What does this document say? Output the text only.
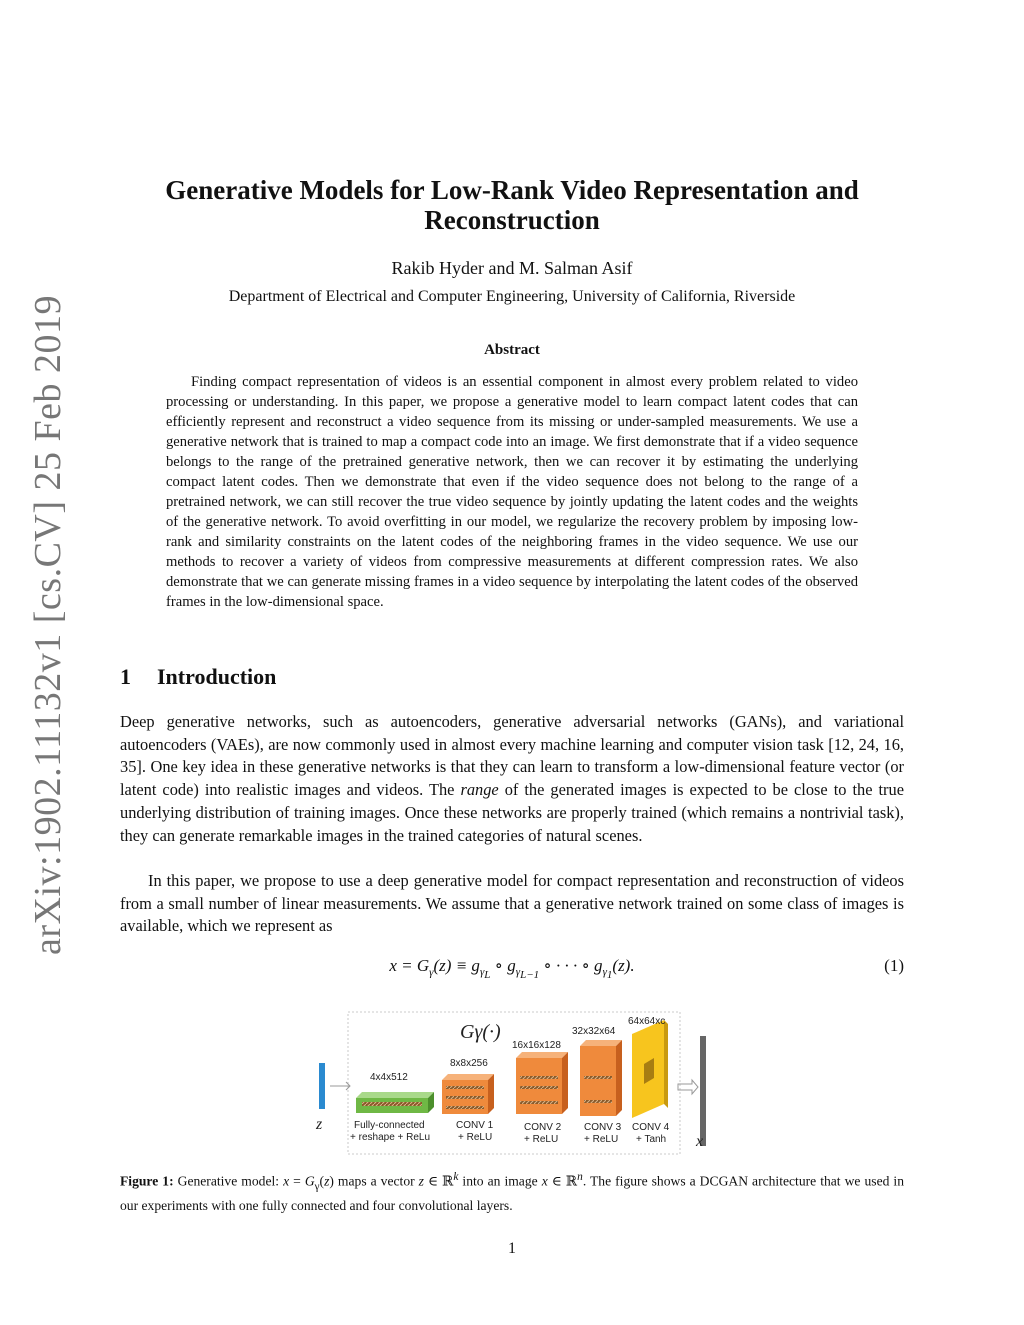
arXiv:1902.11132v1 [cs.CV] 25 Feb 2019
Generative Models for Low-Rank Video Representation and Reconstruction
Rakib Hyder and M. Salman Asif
Department of Electrical and Computer Engineering, University of California, Riverside
Abstract
Finding compact representation of videos is an essential component in almost every problem related to video processing or understanding. In this paper, we propose a generative model to learn compact latent codes that can efficiently represent and reconstruct a video sequence from its missing or under-sampled measurements. We use a generative network that is trained to map a compact code into an image. We first demonstrate that if a video sequence belongs to the range of the pretrained generative network, then we can recover it by estimating the underlying compact latent codes. Then we demonstrate that even if the video sequence does not belong to the range of a pretrained network, we can still recover the true video sequence by jointly updating the latent codes and the weights of the generative network. To avoid overfitting in our model, we regularize the recovery problem by imposing low-rank and similarity constraints on the latent codes of the neighboring frames in the video sequence. We use our methods to recover a variety of videos from compressive measurements at different compression rates. We also demonstrate that we can generate missing frames in a video sequence by interpolating the latent codes of the observed frames in the low-dimensional space.
1 Introduction
Deep generative networks, such as autoencoders, generative adversarial networks (GANs), and variational autoencoders (VAEs), are now commonly used in almost every machine learning and computer vision task [12, 24, 16, 35]. One key idea in these generative networks is that they can learn to transform a low-dimensional feature vector (or latent code) into realistic images and videos. The range of the generated images is expected to be close to the true underlying distribution of training images. Once these networks are properly trained (which remains a nontrivial task), they can generate remarkable images in the trained categories of natural scenes.
In this paper, we propose to use a deep generative model for compact representation and reconstruction of videos from a small number of linear measurements. We assume that a generative network trained on some class of images is available, which we represent as
$x = G_\gamma(z) \equiv g_{\gamma_L}$ ∘ $g_{\gamma_{L-1}}$ ∘ · · · ∘ $g_{\gamma_1}(z)$.	(1)
Gγ(·)
z
4x4x512
Fully-connected
+ reshape + ReLu
8x8x256
CONV 1
+ ReLU
16x16x128
CONV 2
+ ReLU
32x32x64
CONV 3
+ ReLU
64x64xc
CONV 4
+ Tanh x
Figure 1: Generative model: $x = G_\gamma(z)$ maps a vector z ∈ ℝ$^k$ into an image x ∈ ℝ$^n$. The figure shows a DCGAN architecture that we used in our experiments with one fully connected and four convolutional layers.
1
